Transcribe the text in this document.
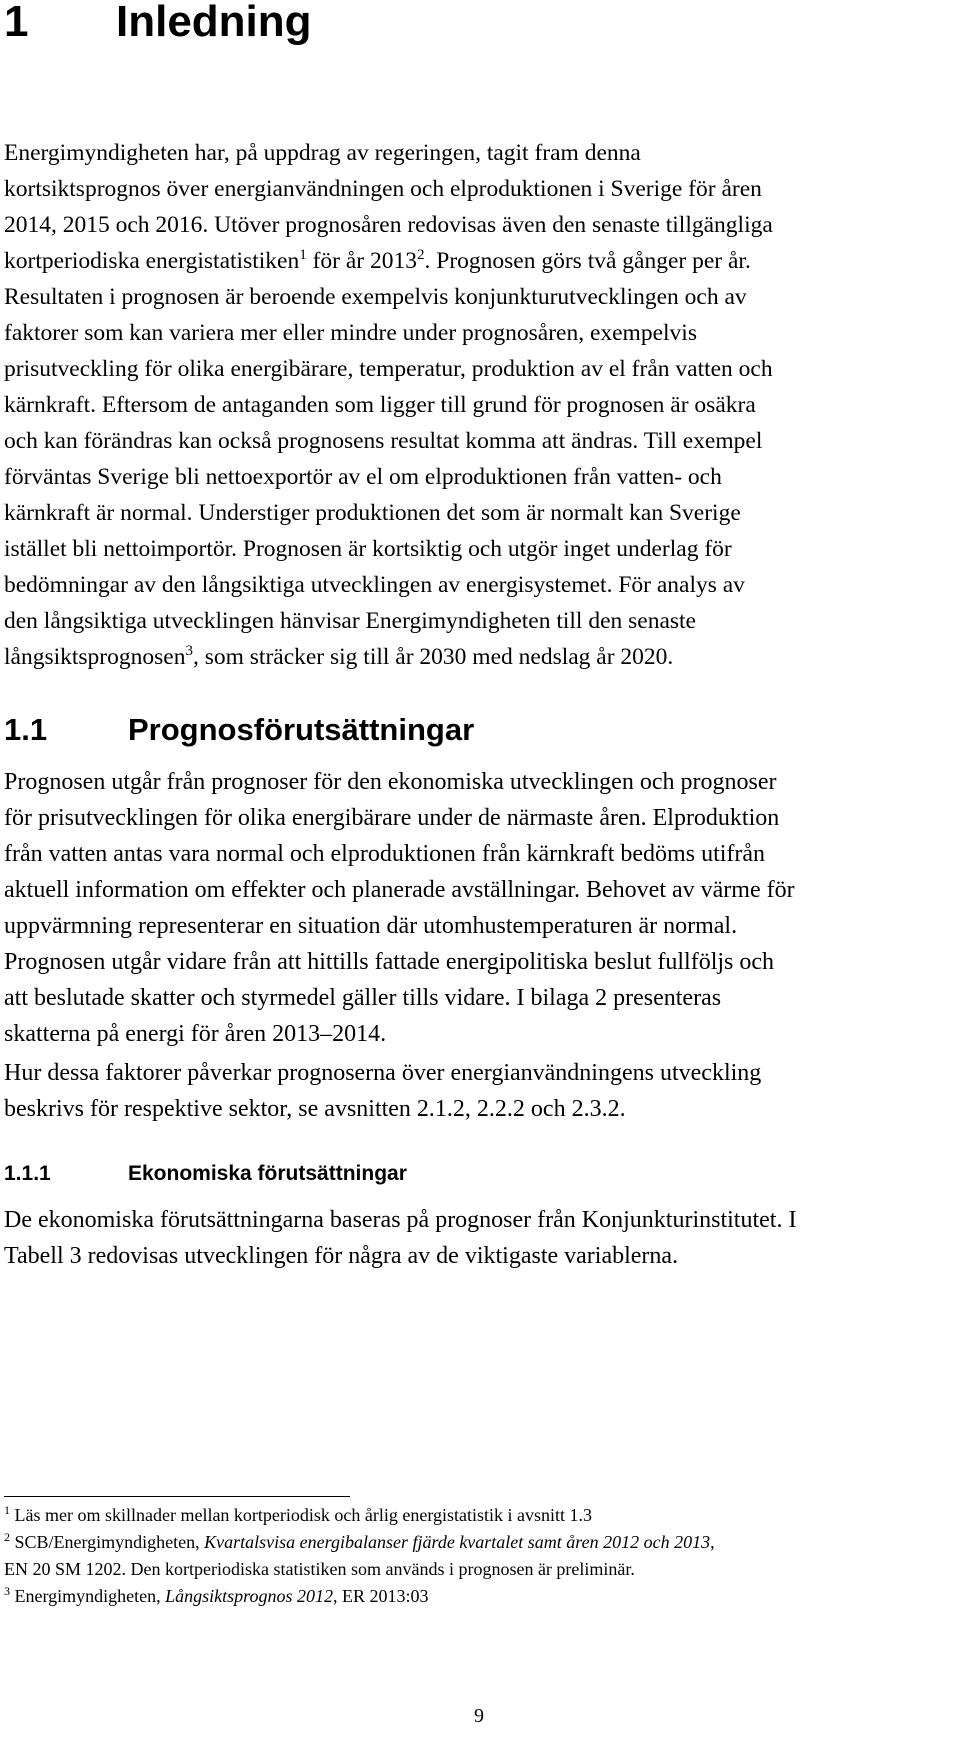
1 Inledning
Energimyndigheten har, på uppdrag av regeringen, tagit fram denna
kortsiktsprognos över energianvändningen och elproduktionen i Sverige för åren
2014, 2015 och 2016. Utöver prognosåren redovisas även den senaste tillgängliga
kortperiodiska energistatistiken$^1$ för år 2013$^2$. Prognosen görs två gånger per år.
Resultaten i prognosen är beroende exempelvis konjunkturutvecklingen och av
faktorer som kan variera mer eller mindre under prognosåren, exempelvis
prisutveckling för olika energibärare, temperatur, produktion av el från vatten och
kärnkraft. Eftersom de antaganden som ligger till grund för prognosen är osäkra
och kan förändras kan också prognosens resultat komma att ändras. Till exempel
förväntas Sverige bli nettoexportör av el om elproduktionen från vatten- och
kärnkraft är normal. Understiger produktionen det som är normalt kan Sverige
istället bli nettoimportör. Prognosen är kortsiktig och utgör inget underlag för
bedömningar av den långsiktiga utvecklingen av energisystemet. För analys av
den långsiktiga utvecklingen hänvisar Energimyndigheten till den senaste
långsiktsprognosen$^3$, som sträcker sig till år 2030 med nedslag år 2020.
1.1	Prognosförutsättningar
Prognosen utgår från prognoser för den ekonomiska utvecklingen och prognoser
för prisutvecklingen för olika energibärare under de närmaste åren. Elproduktion
från vatten antas vara normal och elproduktionen från kärnkraft bedöms utifrån
aktuell information om effekter och planerade avställningar. Behovet av värme för
uppvärmning representerar en situation där utomhustemperaturen är normal.
Prognosen utgår vidare från att hittills fattade energipolitiska beslut fullföljs och
att beslutade skatter och styrmedel gäller tills vidare. I bilaga 2 presenteras
skatterna på energi för åren 2013–2014.
Hur dessa faktorer påverkar prognoserna över energianvändningens utveckling
beskrivs för respektive sektor, se avsnitten 2.1.2, 2.2.2 och 2.3.2.
1.1.1	Ekonomiska förutsättningar
De ekonomiska förutsättningarna baseras på prognoser från Konjunkturinstitutet. I
Tabell 3 redovisas utvecklingen för några av de viktigaste variablerna.
$^1$ Läs mer om skillnader mellan kortperiodisk och årlig energistatistik i avsnitt 1.3
$^2$ SCB/Energimyndigheten, Kvartalsvisa energibalanser fjärde kvartalet samt åren 2012 och 2013,
EN 20 SM 1202. Den kortperiodiska statistiken som används i prognosen är preliminär.
$^3$ Energimyndigheten, Långsiktsprognos 2012, ER 2013:03
9
